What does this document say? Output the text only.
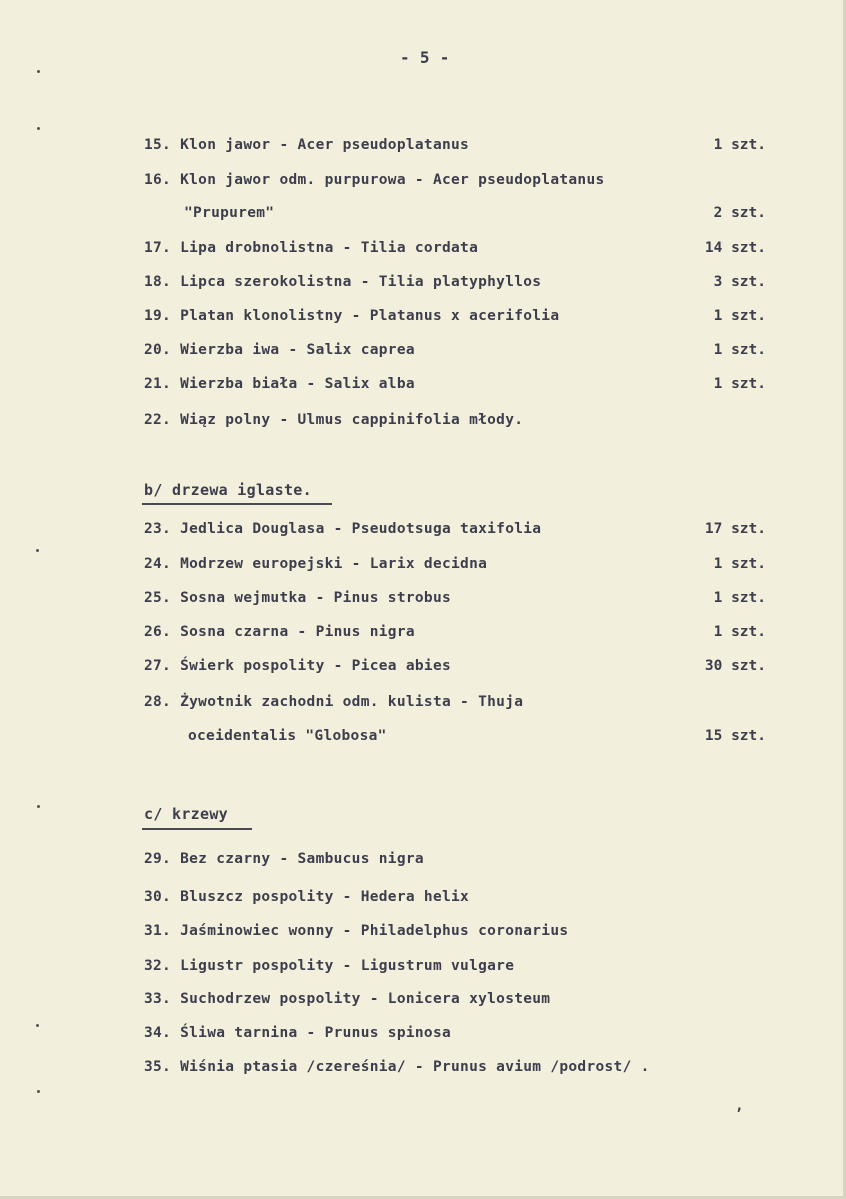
- 5 -
15. Klon jawor - Acer pseudoplatanus	1 szt.
16. Klon jawor odm. purpurowa - Acer pseudoplatanus
"Prupurem"	2 szt.
17. Lipa drobnolistna - Tilia cordata	14 szt.
18. Lipca szerokolistna - Tilia platyphyllos	3 szt.
19. Platan klonolistny - Platanus x acerifolia	1 szt.
20. Wierzba iwa - Salix caprea	1 szt.
21. Wierzba biała - Salix alba	1 szt.
22. Wiąz polny - Ulmus cappinifolia młody.
b/ drzewa iglaste.
23. Jedlica Douglasa - Pseudotsuga taxifolia	17 szt.
24. Modrzew europejski - Larix decidna	1 szt.
25. Sosna wejmutka - Pinus strobus	1 szt.
26. Sosna czarna - Pinus nigra	1 szt.
27. Świerk pospolity - Picea abies	30 szt.
28. Żywotnik zachodni odm. kulista - Thuja
oceidentalis "Globosa"	15 szt.
c/ krzewy
29. Bez czarny - Sambucus nigra
30. Bluszcz pospolity - Hedera helix
31. Jaśminowiec wonny - Philadelphus coronarius
32. Ligustr pospolity - Ligustrum vulgare
33. Suchodrzew pospolity - Lonicera xylosteum
34. Śliwa tarnina - Prunus spinosa
35. Wiśnia ptasia /czereśnia/ - Prunus avium /podrost/ .
,
